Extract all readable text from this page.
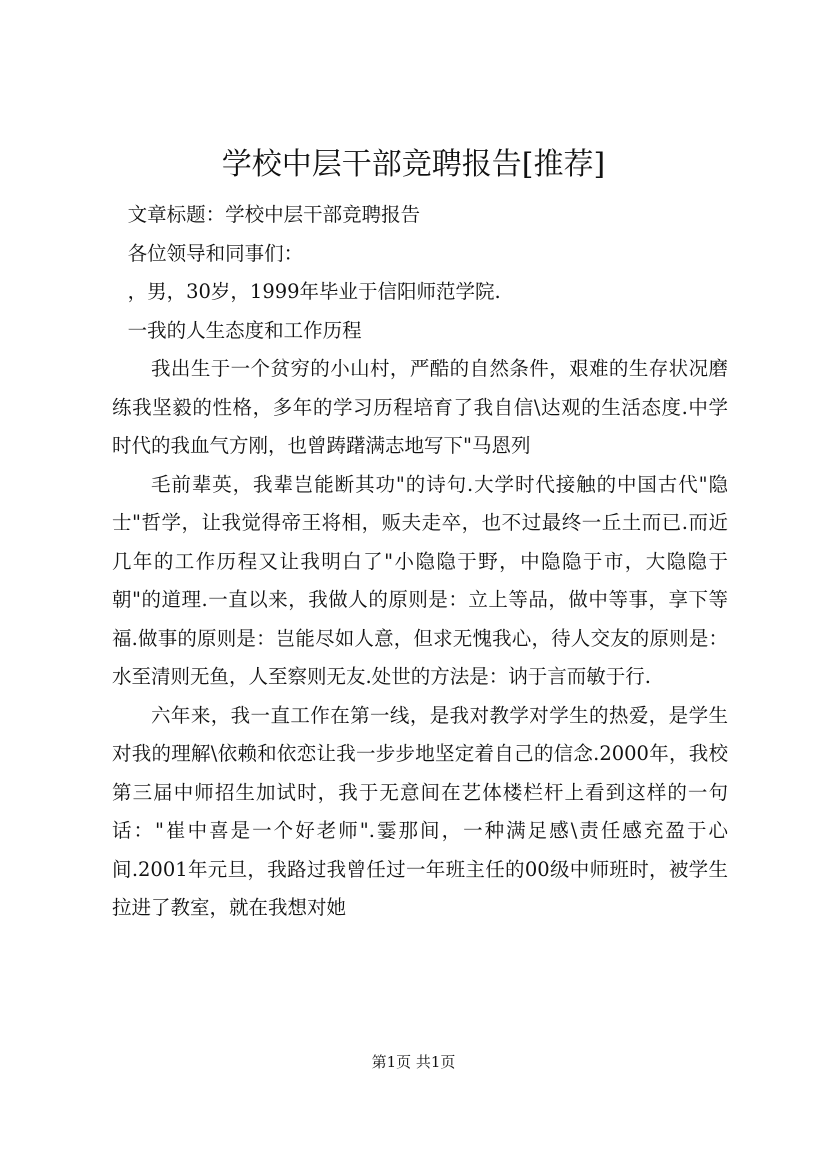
学校中层干部竞聘报告[推荐]

文章标题：学校中层干部竞聘报告

各位领导和同事们：

，男，30岁，1999年毕业于信阳师范学院.

一我的人生态度和工作历程

我出生于一个贫穷的小山村，严酷的自然条件，艰难的生存状况磨练我坚毅的性格，多年的学习历程培育了我自信\达观的生活态度.中学时代的我血气方刚，也曾踌躇满志地写下"马恩列

毛前辈英，我辈岂能断其功"的诗句.大学时代接触的中国古代"隐士"哲学，让我觉得帝王将相，贩夫走卒，也不过最终一丘土而已.而近几年的工作历程又让我明白了"小隐隐于野，中隐隐于市，大隐隐于朝"的道理.一直以来，我做人的原则是：立上等品，做中等事，享下等福.做事的原则是：岂能尽如人意，但求无愧我心，待人交友的原则是：水至清则无鱼，人至察则无友.处世的方法是：讷于言而敏于行.

六年来，我一直工作在第一线，是我对教学对学生的热爱，是学生对我的理解\依赖和依恋让我一步步地坚定着自己的信念.2000年，我校第三届中师招生加试时，我于无意间在艺体楼栏杆上看到这样的一句话："崔中喜是一个好老师".霎那间，一种满足感\责任感充盈于心间.2001年元旦，我路过我曾任过一年班主任的00级中师班时，被学生拉进了教室，就在我想对她

第1页 共1页
